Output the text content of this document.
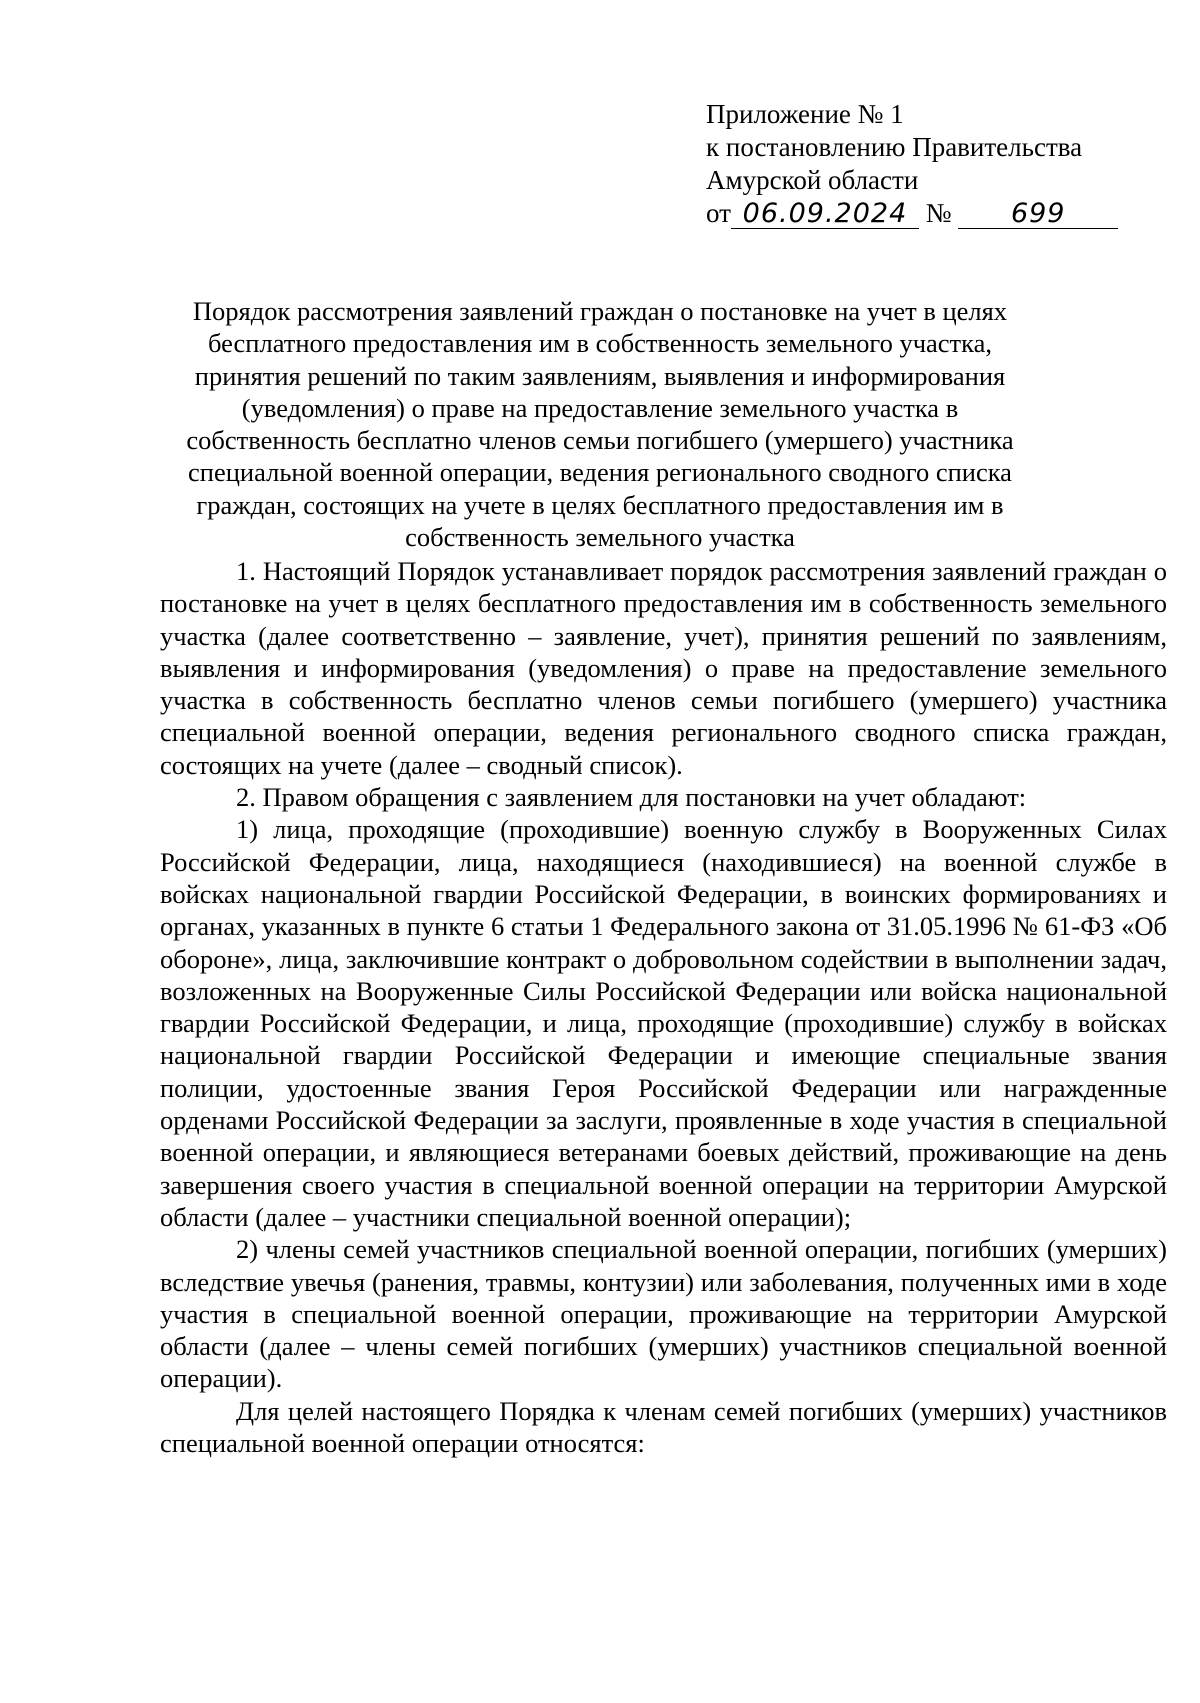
Приложение № 1
к постановлению Правительства
Амурской области
от 06.09.2024 № 699
Порядок рассмотрения заявлений граждан о постановке на учет в целях бесплатного предоставления им в собственность земельного участка, принятия решений по таким заявлениям, выявления и информирования (уведомления) о праве на предоставление земельного участка в собственность бесплатно членов семьи погибшего (умершего) участника специальной военной операции, ведения регионального сводного списка граждан, состоящих на учете в целях бесплатного предоставления им в собственность земельного участка

1. Настоящий Порядок устанавливает порядок рассмотрения заявлений граждан о постановке на учет в целях бесплатного предоставления им в собственность земельного участка (далее соответственно – заявление, учет), принятия решений по заявлениям, выявления и информирования (уведомления) о праве на предоставление земельного участка в собственность бесплатно членов семьи погибшего (умершего) участника специальной военной операции, ведения регионального сводного списка граждан, состоящих на учете (далее – сводный список).

2. Правом обращения с заявлением для постановки на учет обладают:

1) лица, проходящие (проходившие) военную службу в Вооруженных Силах Российской Федерации, лица, находящиеся (находившиеся) на военной службе в войсках национальной гвардии Российской Федерации, в воинских формированиях и органах, указанных в пункте 6 статьи 1 Федерального закона от 31.05.1996 № 61-ФЗ «Об обороне», лица, заключившие контракт о добровольном содействии в выполнении задач, возложенных на Вооруженные Силы Российской Федерации или войска национальной гвардии Российской Федерации, и лица, проходящие (проходившие) службу в войсках национальной гвардии Российской Федерации и имеющие специальные звания полиции, удостоенные звания Героя Российской Федерации или награжденные орденами Российской Федерации за заслуги, проявленные в ходе участия в специальной военной операции, и являющиеся ветеранами боевых действий, проживающие на день завершения своего участия в специальной военной операции на территории Амурской области (далее – участники специальной военной операции);

2) члены семей участников специальной военной операции, погибших (умерших) вследствие увечья (ранения, травмы, контузии) или заболевания, полученных ими в ходе участия в специальной военной операции, проживающие на территории Амурской области (далее – члены семей погибших (умерших) участников специальной военной операции).

Для целей настоящего Порядка к членам семей погибших (умерших) участников специальной военной операции относятся:
